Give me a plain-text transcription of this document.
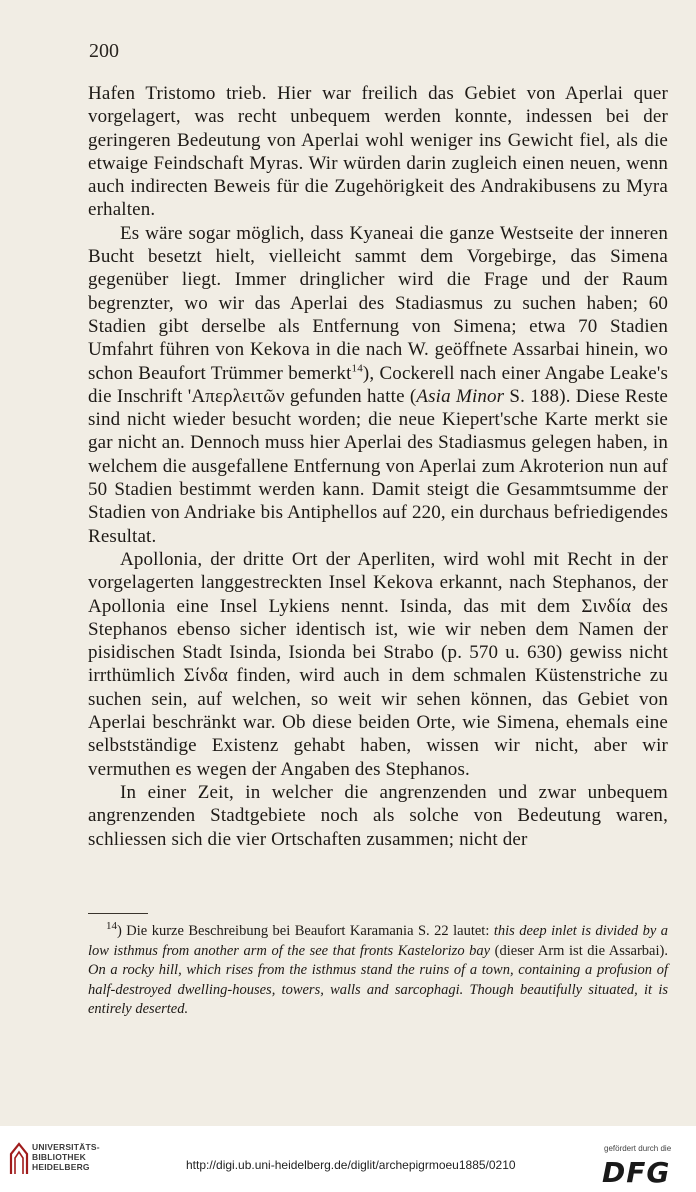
200

Hafen Tristomo trieb. Hier war freilich das Gebiet von Aperlai quer vorgelagert, was recht unbequem werden konnte, indessen bei der geringeren Bedeutung von Aperlai wohl weniger ins Gewicht fiel, als die etwaige Feindschaft Myras. Wir würden darin zugleich einen neuen, wenn auch indirecten Beweis für die Zugehörigkeit des Andrakibusens zu Myra erhalten.

Es wäre sogar möglich, dass Kyaneai die ganze Westseite der inneren Bucht besetzt hielt, vielleicht sammt dem Vorgebirge, das Simena gegenüber liegt. Immer dringlicher wird die Frage und der Raum begrenzter, wo wir das Aperlai des Stadiasmus zu suchen haben; 60 Stadien gibt derselbe als Entfernung von Simena; etwa 70 Stadien Umfahrt führen von Kekova in die nach W. geöffnete Assarbai hinein, wo schon Beaufort Trümmer bemerkt$^{14}$), Cockerell nach einer Angabe Leake's die Inschrift 'Απερλειτῶν gefunden hatte (Asia Minor S. 188). Diese Reste sind nicht wieder besucht worden; die neue Kiepert'sche Karte merkt sie gar nicht an. Dennoch muss hier Aperlai des Stadiasmus gelegen haben, in welchem die ausgefallene Entfernung von Aperlai zum Akroterion nun auf 50 Stadien bestimmt werden kann. Damit steigt die Gesammtsumme der Stadien von Andriake bis Antiphellos auf 220, ein durchaus befriedigendes Resultat.

Apollonia, der dritte Ort der Aperliten, wird wohl mit Recht in der vorgelagerten langgestreckten Insel Kekova erkannt, nach Stephanos, der Apollonia eine Insel Lykiens nennt. Isinda, das mit dem Σινδία des Stephanos ebenso sicher identisch ist, wie wir neben dem Namen der pisidischen Stadt Isinda, Isionda bei Strabo (p. 570 u. 630) gewiss nicht irrthümlich Σίνδα finden, wird auch in dem schmalen Küstenstriche zu suchen sein, auf welchen, so weit wir sehen können, das Gebiet von Aperlai beschränkt war. Ob diese beiden Orte, wie Simena, ehemals eine selbstständige Existenz gehabt haben, wissen wir nicht, aber wir vermuthen es wegen der Angaben des Stephanos.

In einer Zeit, in welcher die angrenzenden und zwar unbequem angrenzenden Stadtgebiete noch als solche von Bedeutung waren, schliessen sich die vier Ortschaften zusammen; nicht der

$^{14}$) Die kurze Beschreibung bei Beaufort Karamania S. 22 lautet: this deep inlet is divided by a low isthmus from another arm of the see that fronts Kastelorizo bay (dieser Arm ist die Assarbai). On a rocky hill, which rises from the isthmus stand the ruins of a town, containing a profusion of half-destroyed dwelling-houses, towers, walls and sarcophagi. Though beautifully situated, it is entirely deserted.

UNIVERSITÄTS-
BIBLIOTHEK
HEIDELBERG	http://digi.ub.uni-heidelberg.de/diglit/archepigrmoeu1885/0210
gefördert durch die
DFG
